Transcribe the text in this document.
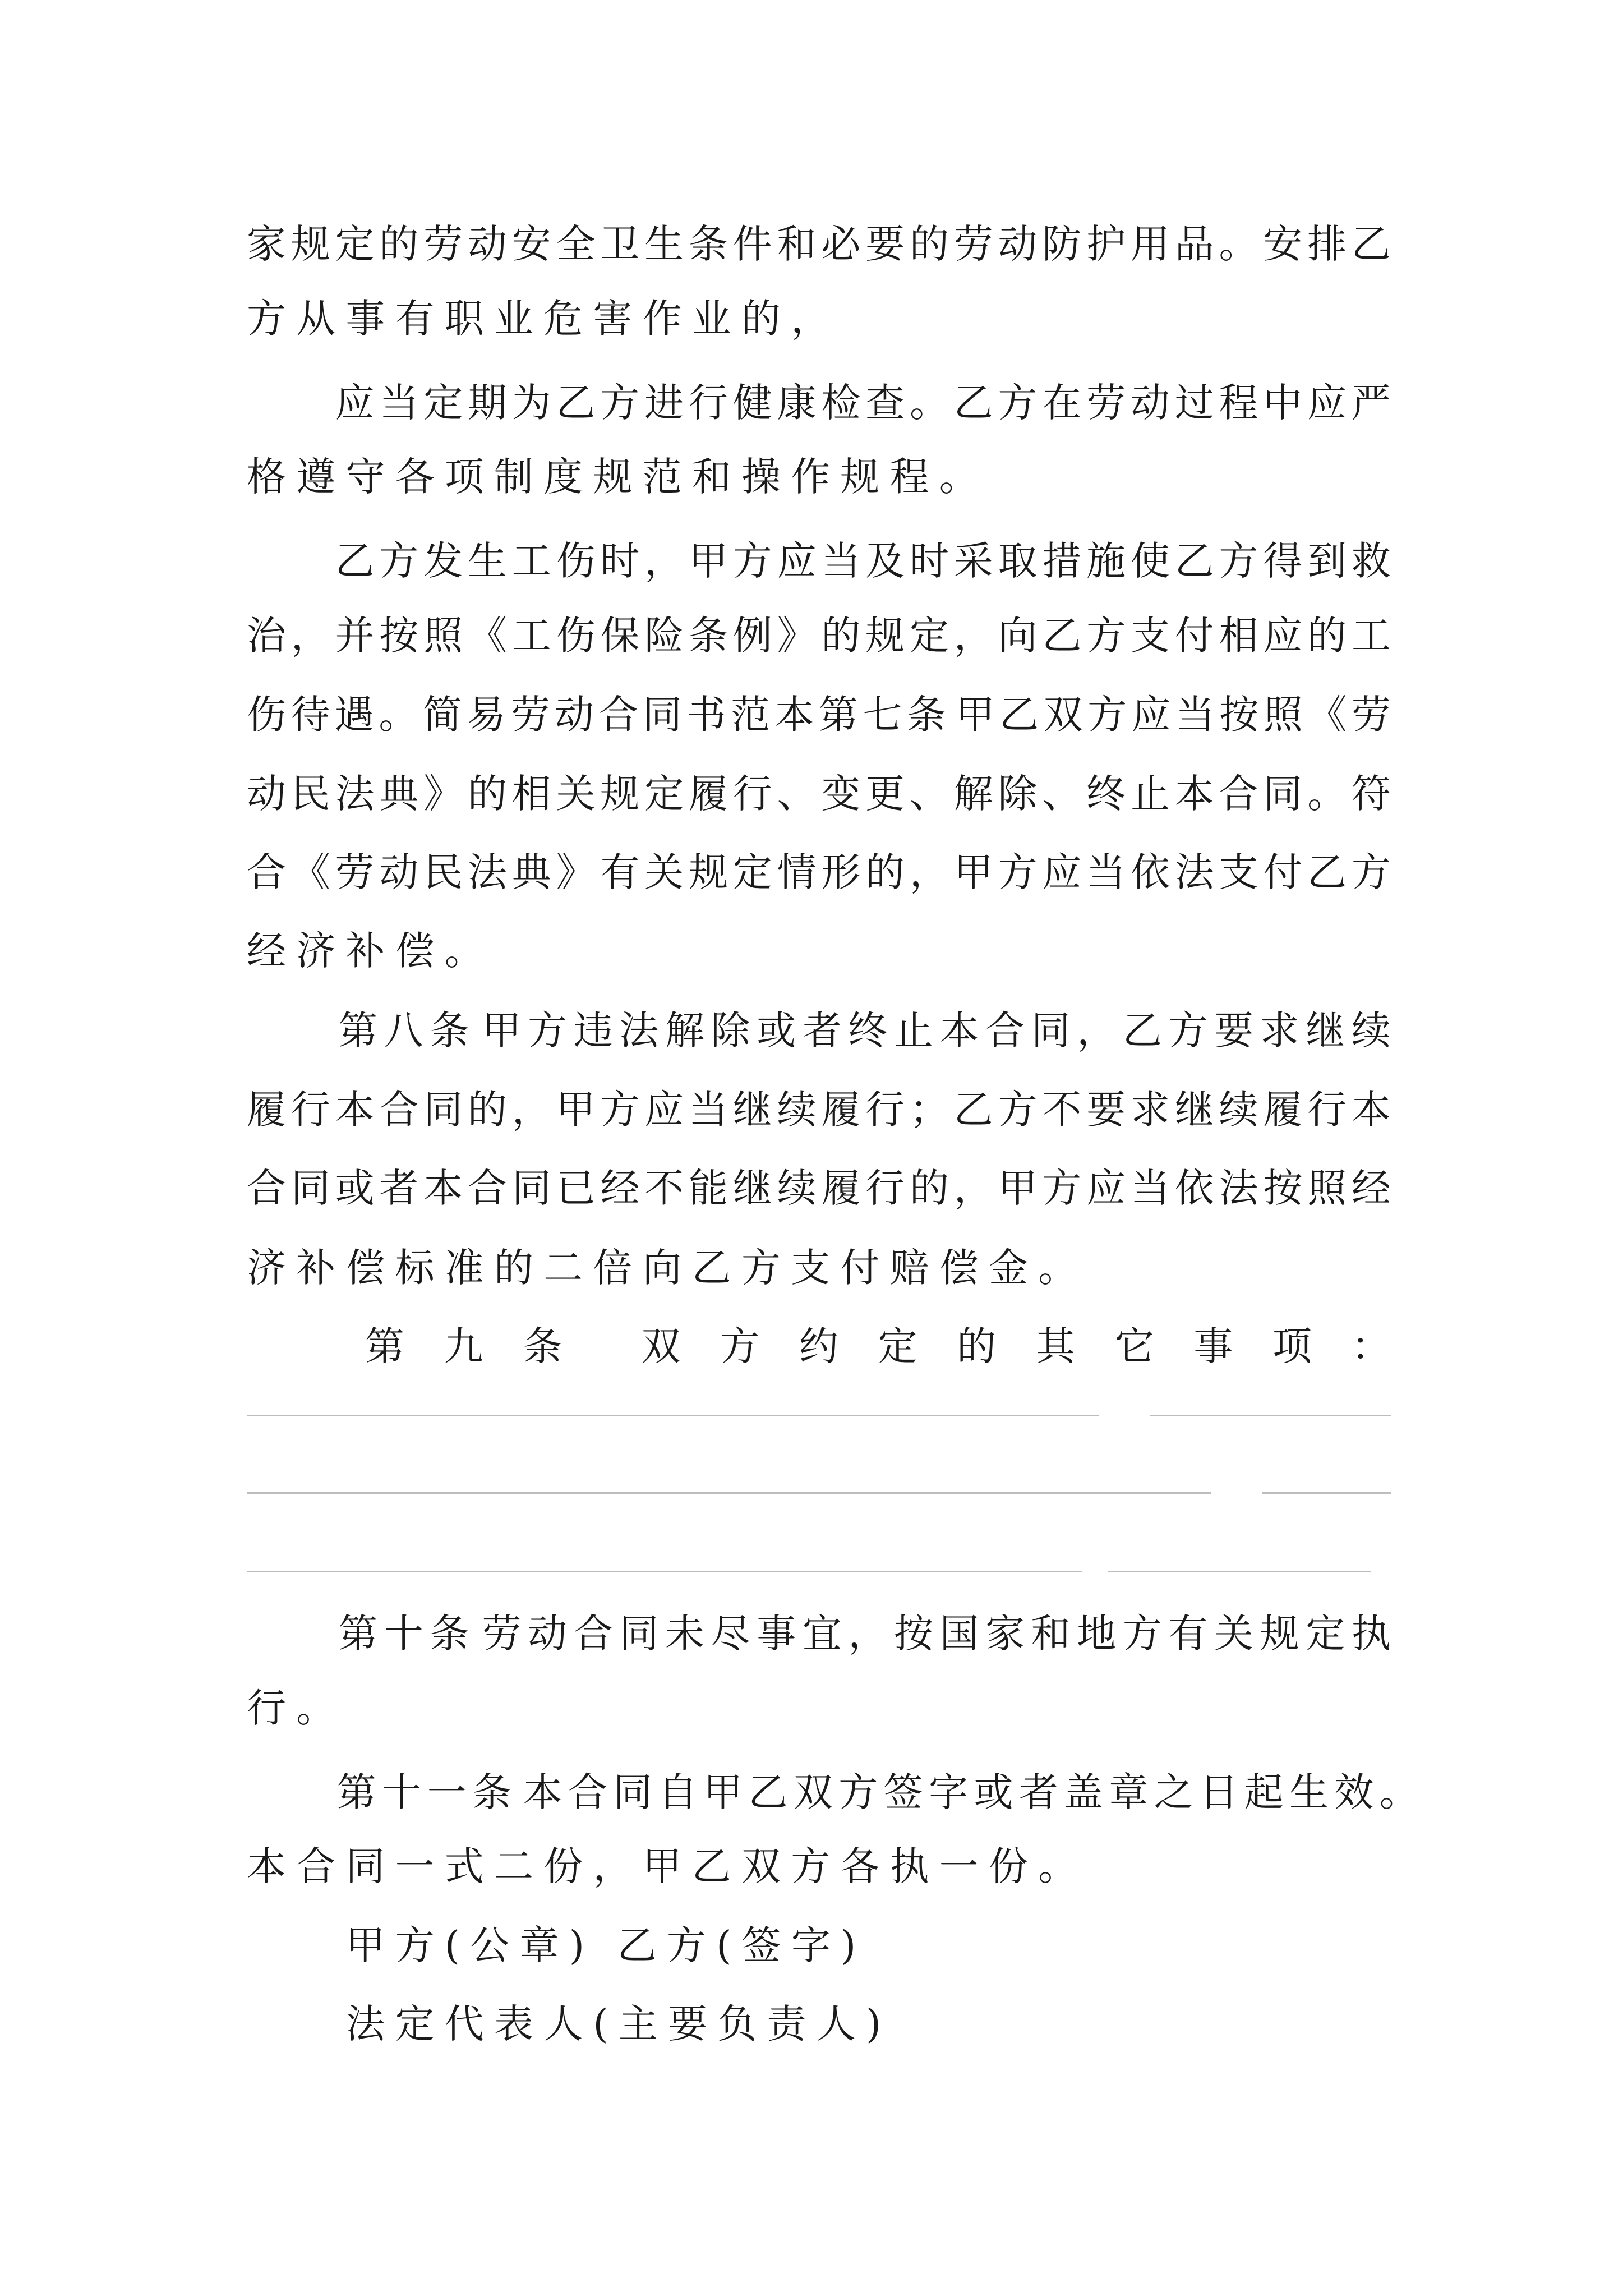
家 规 定 的 劳 动 安 全 卫 生 条 件 和 必 要 的 劳 动 防 护 用 品 。 安 排 乙
方从事有职业危害作业的，

应 当 定 期 为 乙 方 进 行 健 康 检 查 。 乙 方 在 劳 动 过 程 中 应 严
格遵守各项制度规范和操作规程。

乙 方 发 生 工 伤 时 ， 甲 方 应 当 及 时 采 取 措 施 使 乙 方 得 到 救
治 ， 并 按 照 《 工 伤 保 险 条 例 》 的 规 定 ， 向 乙 方 支 付 相 应 的 工
伤 待 遇 。 简 易 劳 动 合 同 书 范 本 第 七 条 甲 乙 双 方 应 当 按 照 《 劳
动 民 法 典 》 的 相 关 规 定 履 行 、 变 更 、 解 除 、 终 止 本 合 同 。 符
合 《 劳 动 民 法 典 》 有 关 规 定 情 形 的 ， 甲 方 应 当 依 法 支 付 乙 方
经济补偿。

第 八 条 甲 方 违 法 解 除 或 者 终 止 本 合 同 ， 乙 方 要 求 继 续
履 行 本 合 同 的 ， 甲 方 应 当 继 续 履 行 ； 乙 方 不 要 求 继 续 履 行 本
合 同 或 者 本 合 同 已 经 不 能 继 续 履 行 的 ， 甲 方 应 当 依 法 按 照 经
济补偿标准的二倍向乙方支付赔偿金。

第
　 九
　 条

　 双
　 方
　 约
　 定
　 的
　 其
　 它
　 事
　 项
　 ：

第 十 条 劳 动 合 同 未 尽 事 宜 ， 按 国 家 和 地 方 有 关 规 定 执
行。

第 十 一 条 本 合 同 自 甲 乙 双 方 签 字 或 者 盖 章 之 日 起 生 效 。
本合同一式二份，甲乙双方各执一份。
　　甲方(公章) 乙方(签字)
　　法定代表人(主要负责人)
